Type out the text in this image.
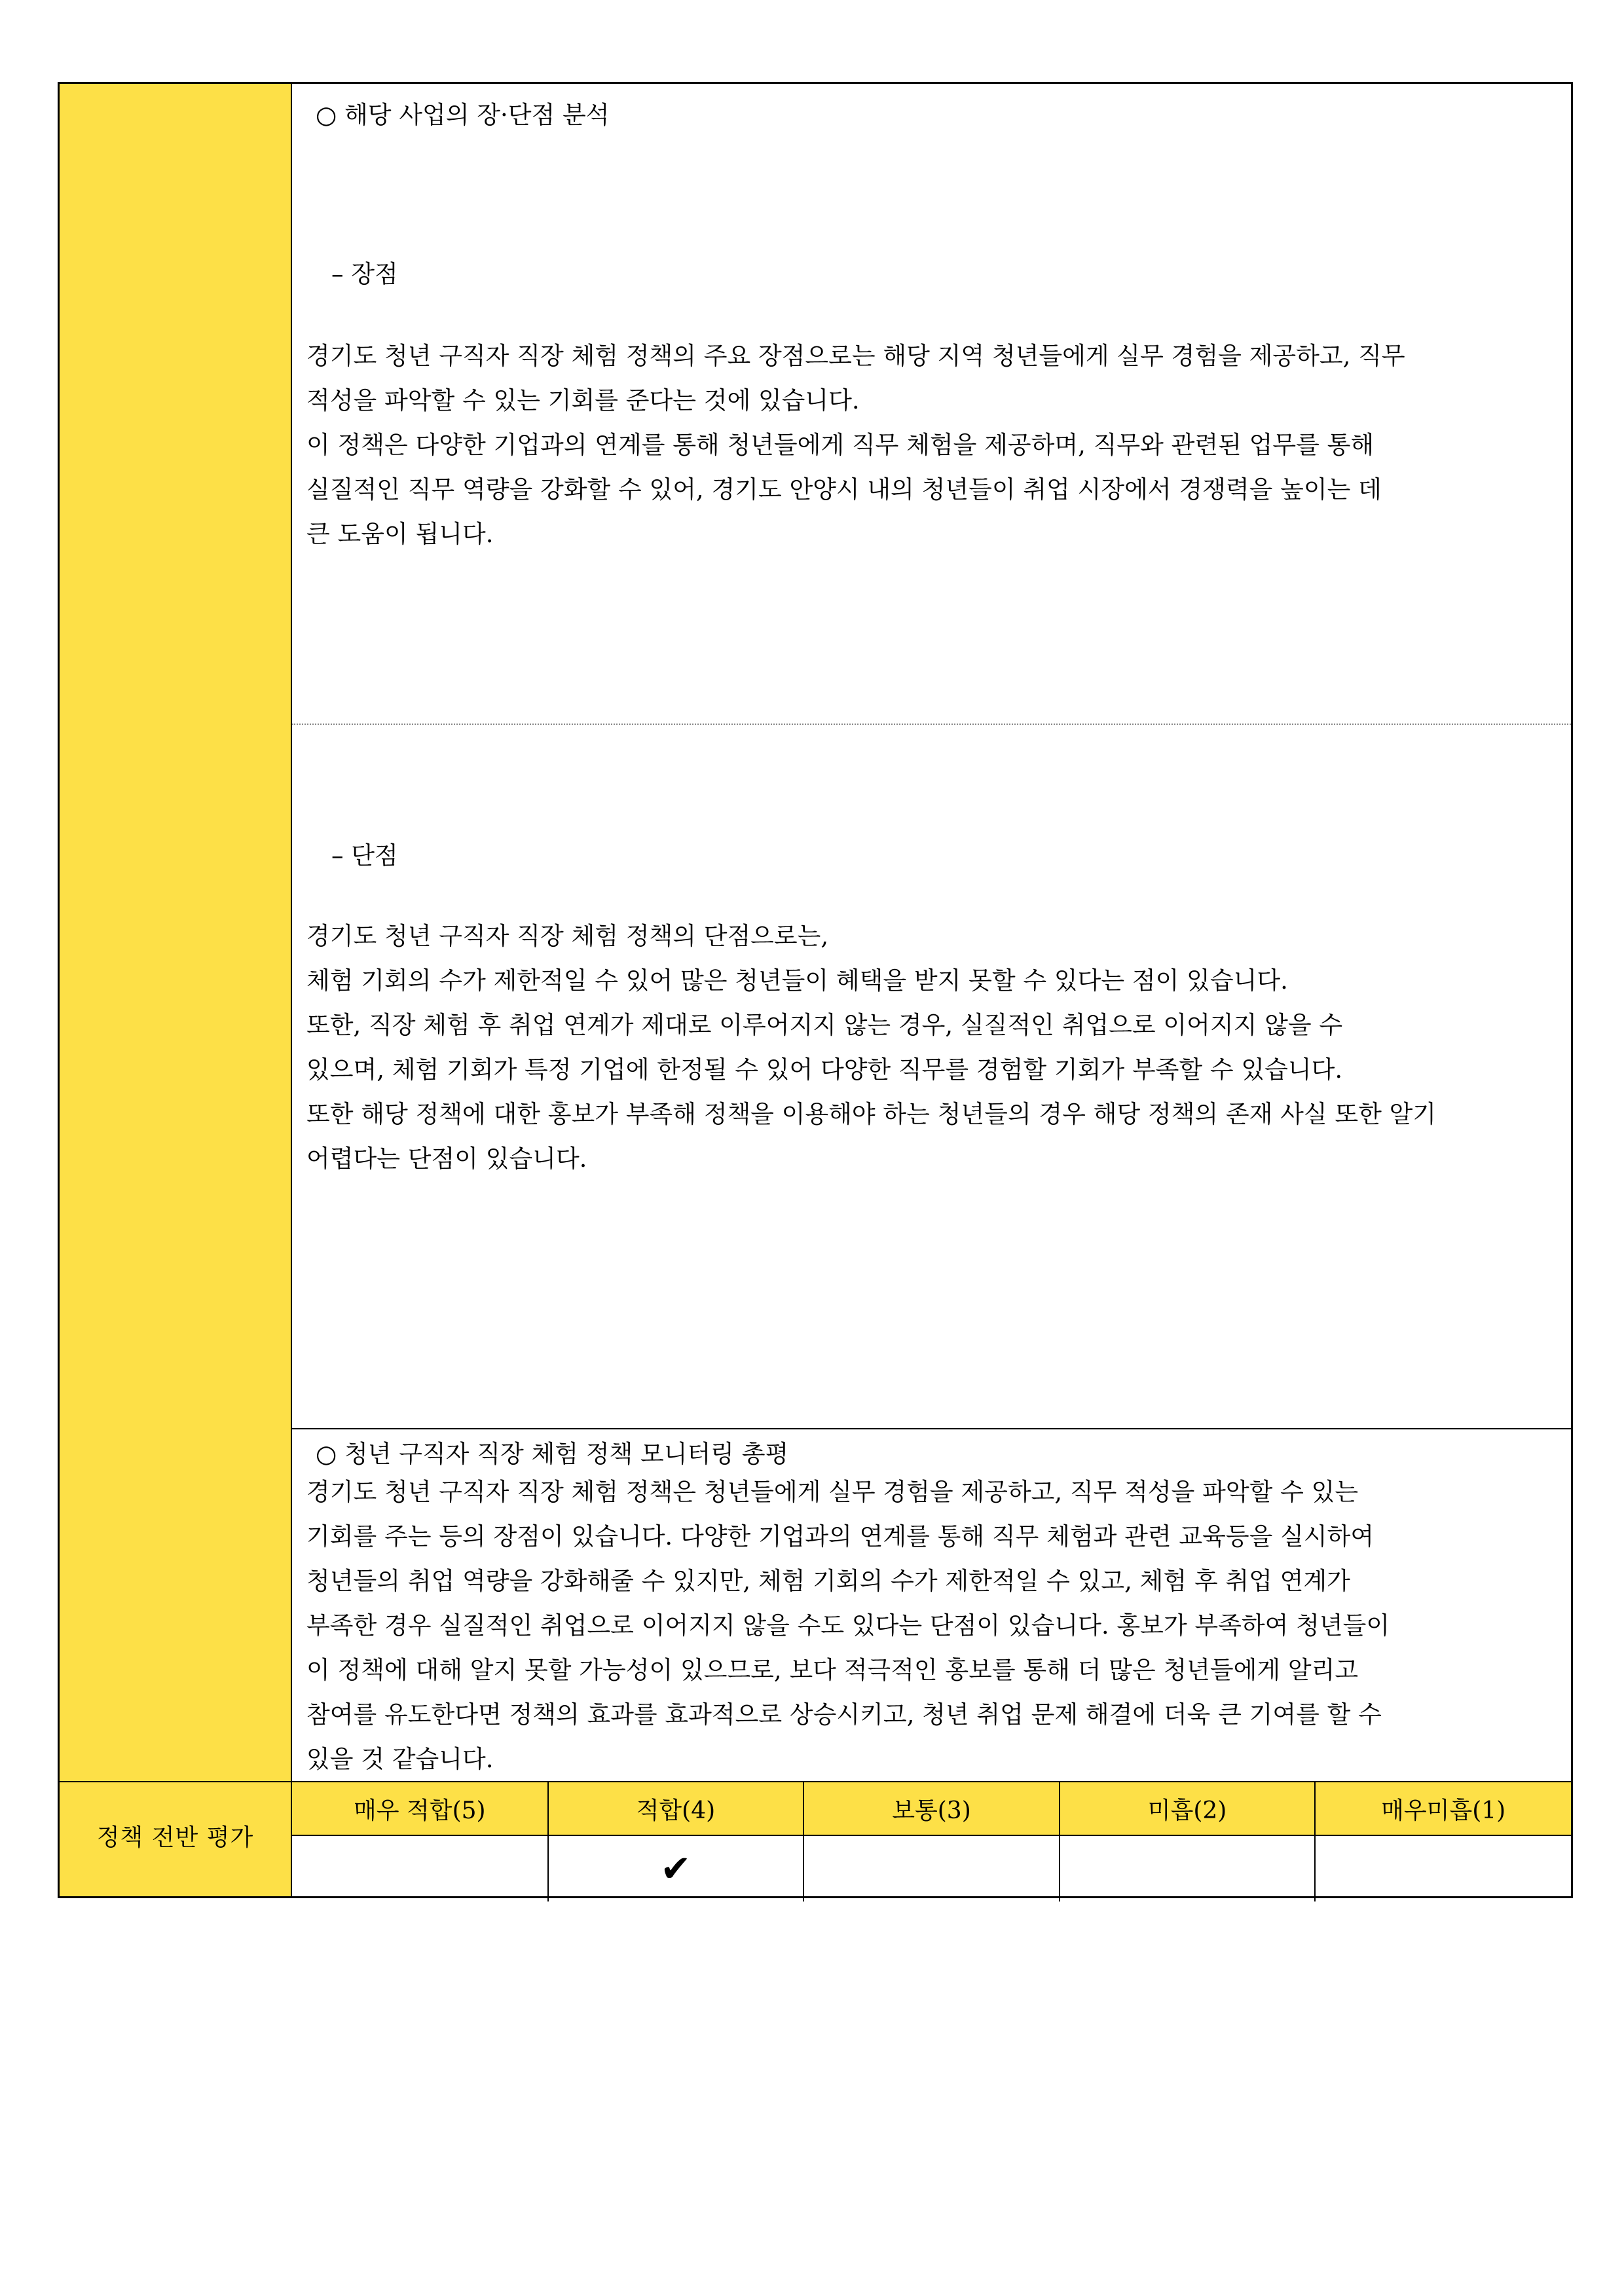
정책 전반 평가
○ 해당 사업의 장·단점 분석
– 장점
경기도 청년 구직자 직장 체험 정책의 주요 장점으로는 해당 지역 청년들에게 실무 경험을 제공하고, 직무
적성을 파악할 수 있는 기회를 준다는 것에 있습니다.
이 정책은 다양한 기업과의 연계를 통해 청년들에게 직무 체험을 제공하며, 직무와 관련된 업무를 통해
실질적인 직무 역량을 강화할 수 있어, 경기도 안양시 내의 청년들이 취업 시장에서 경쟁력을 높이는 데
큰 도움이 됩니다.
– 단점
경기도 청년 구직자 직장 체험 정책의 단점으로는,
체험 기회의 수가 제한적일 수 있어 많은 청년들이 혜택을 받지 못할 수 있다는 점이 있습니다.
또한, 직장 체험 후 취업 연계가 제대로 이루어지지 않는 경우, 실질적인 취업으로 이어지지 않을 수
있으며, 체험 기회가 특정 기업에 한정될 수 있어 다양한 직무를 경험할 기회가 부족할 수 있습니다.
또한 해당 정책에 대한 홍보가 부족해 정책을 이용해야 하는 청년들의 경우 해당 정책의 존재 사실 또한 알기
어렵다는 단점이 있습니다.
○ 청년 구직자 직장 체험 정책 모니터링 총평
경기도 청년 구직자 직장 체험 정책은 청년들에게 실무 경험을 제공하고, 직무 적성을 파악할 수 있는
기회를 주는 등의 장점이 있습니다. 다양한 기업과의 연계를 통해 직무 체험과 관련 교육등을 실시하여
청년들의 취업 역량을 강화해줄 수 있지만, 체험 기회의 수가 제한적일 수 있고, 체험 후 취업 연계가
부족한 경우 실질적인 취업으로 이어지지 않을 수도 있다는 단점이 있습니다. 홍보가 부족하여 청년들이
이 정책에 대해 알지 못할 가능성이 있으므로, 보다 적극적인 홍보를 통해 더 많은 청년들에게 알리고
참여를 유도한다면 정책의 효과를 효과적으로 상승시키고, 청년 취업 문제 해결에 더욱 큰 기여를 할 수
있을 것 같습니다.
매우 적합(5)	적합(4)	보통(3)	미흡(2)	매우미흡(1)
	✔			
